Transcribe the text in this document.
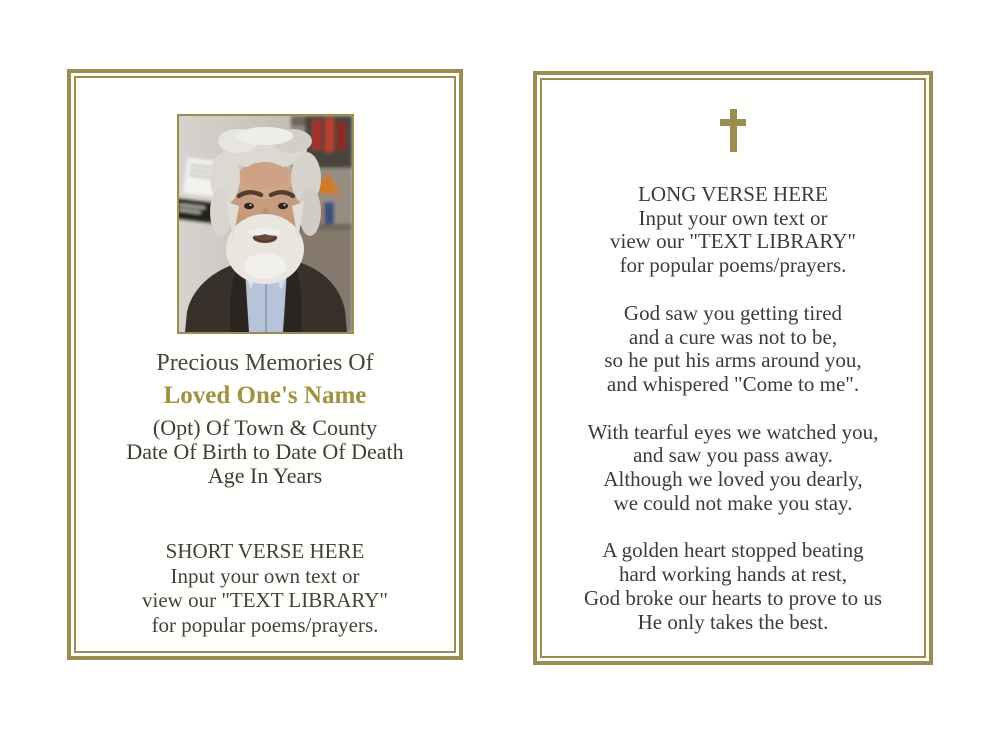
Precious Memories Of
Loved One's Name
(Opt) Of Town & County
Date Of Birth to Date Of Death
Age In Years
SHORT VERSE HERE
Input your own text or
view our "TEXT LIBRARY"
for popular poems/prayers.
LONG VERSE HERE
Input your own text or
view our "TEXT LIBRARY"
for popular poems/prayers.
God saw you getting tired
and a cure was not to be,
so he put his arms around you,
and whispered "Come to me".
With tearful eyes we watched you,
and saw you pass away.
Although we loved you dearly,
we could not make you stay.
A golden heart stopped beating
hard working hands at rest,
God broke our hearts to prove to us
He only takes the best.
